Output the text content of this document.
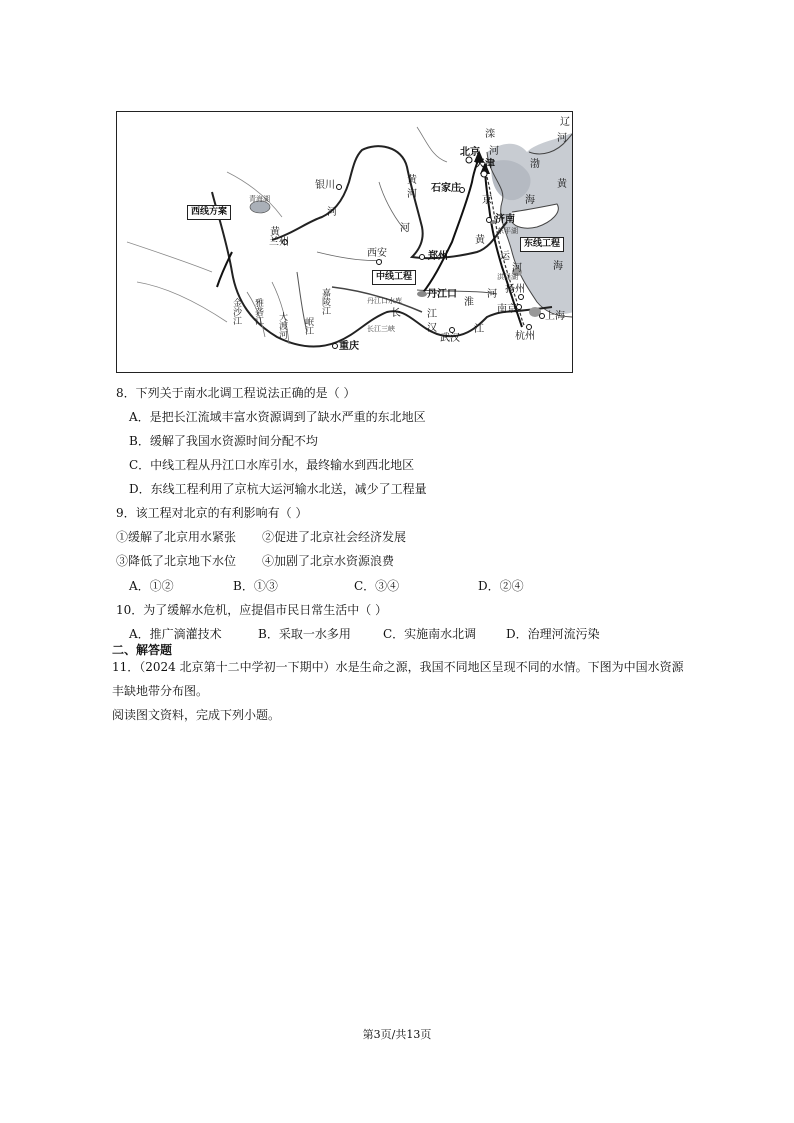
北京
天津
银川	石家庄
济南
兰州
西安	郑州
丹江口
武汉
重庆
扬州
南京
杭州
上海
西线方案
中线工程
东线工程
青海湖
东平湖
洪泽湖
丹江口水库
长江三峡
渤
海
黄
海
黄
河
河
黄	河
黄
长	江
江
汉
淮
河
运
河
辽
河
京
滦
河
金沙江 雅砻江
大渡河 岷江
嘉陵江
8．下列关于南水北调工程说法正确的是（ ）
A．是把长江流域丰富水资源调到了缺水严重的东北地区
B．缓解了我国水资源时间分配不均
C．中线工程从丹江口水库引水，最终输水到西北地区
D．东线工程利用了京杭大运河输水北送，减少了工程量
9．该工程对北京的有利影响有（ ）
①缓解了北京用水紧张 ②促进了北京社会经济发展
③降低了北京地下水位 ④加剧了北京水资源浪费
A．①②	B．①③	C．③④	D．②④
10．为了缓解水危机，应提倡市民日常生活中（ ）
A．推广滴灌技术	B．采取一水多用	C．实施南水北调 D．治理河流污染
二、解答题
11．（2024 北京第十二中学初一下期中）水是生命之源，我国不同地区呈现不同的水情。下图为中国水资源
丰缺地带分布图。
阅读图文资料，完成下列小题。
第3页/共13页
